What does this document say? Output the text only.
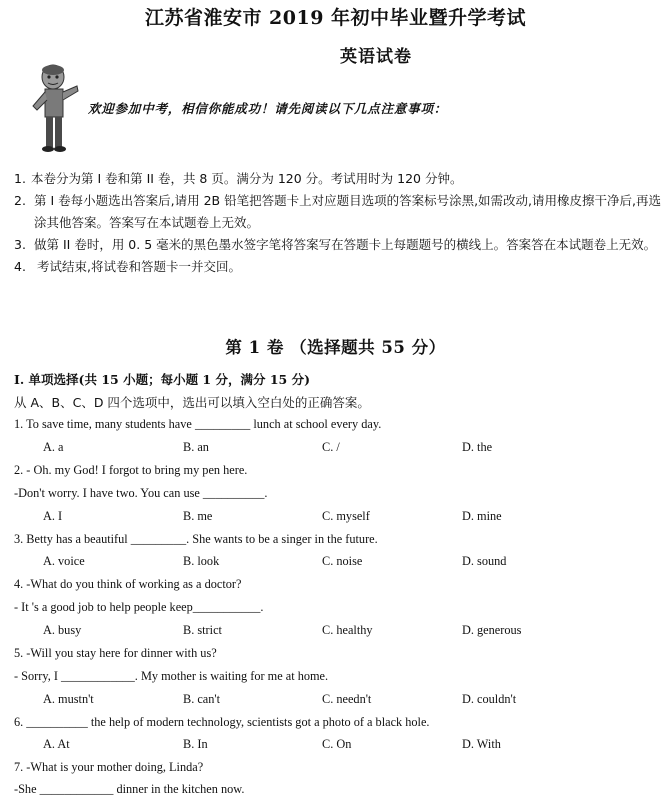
江苏省淮安市 2019 年初中毕业暨升学考试
英语试卷
欢迎参加中考，相信你能成功！请先阅读以下几点注意事项：
1. 本卷分为第 I 卷和第 II 卷，共 8 页。满分为 120 分。考试用时为 120 分钟。
2. 第 I 卷每小题选出答案后,请用 2B 铅笔把答题卡上对应题目选项的答案标号涂黑,如需改动,请用橡皮擦干净后,再选涂其他答案。答案写在本试题卷上无效。
3. 做第 II 卷时，用 0. 5 毫米的黑色墨水签字笔将答案写在答题卡上每题题号的横线上。答案答在本试题卷上无效。
4. 考试结束,将试卷和答题卡一并交回。
第 1 卷 （选择题共 55 分）
I. 单项选择(共 15 小题；每小题 1 分，满分 15 分)
从 A、B、C、D 四个选项中，选出可以填入空白处的正确答案。
1. To save time, many students have _________ lunch at school every day.
A. a	B. an	C. /	D. the
2. - Oh. my God! I forgot to bring my pen here.
-Don't worry. I have two. You can use __________.
A. I	B. me	C. myself	D. mine
3. Betty has a beautiful _________. She wants to be a singer in the future.
A. voice	B. look	C. noise	D. sound
4. -What do you think of working as a doctor?
- It 's a good job to help people keep___________.
A. busy	B. strict	C. healthy	D. generous
5. -Will you stay here for dinner with us?
- Sorry, I ____________. My mother is waiting for me at home.
A. mustn't	B. can't	C. needn't	D. couldn't
6. __________ the help of modern technology, scientists got a photo of a black hole.
A. At	B. In	C. On	D. With
7. -What is your mother doing, Linda?
-She ____________ dinner in the kitchen now.
